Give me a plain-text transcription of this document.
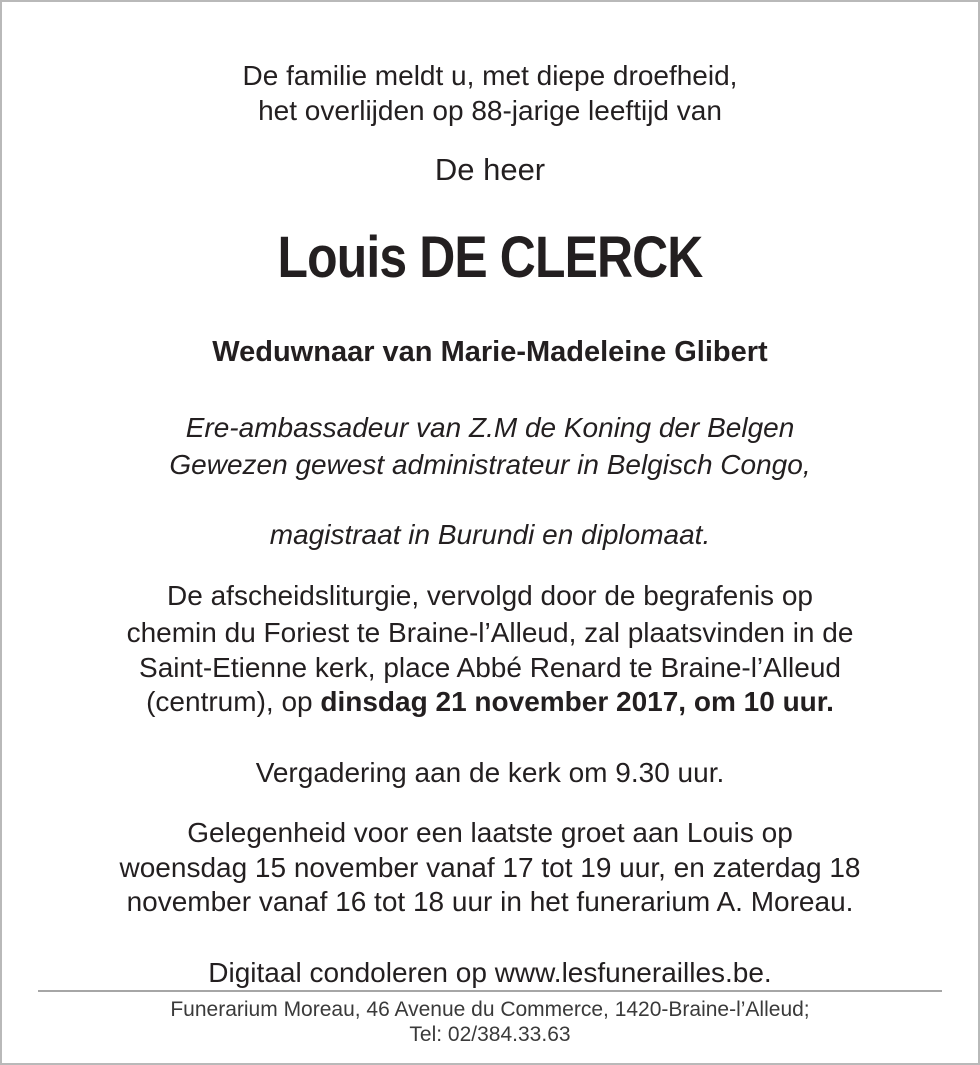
De familie meldt u, met diepe droefheid,
het overlijden op 88-jarige leeftijd van
De heer
Louis DE CLERCK
Weduwnaar van Marie-Madeleine Glibert
Ere-ambassadeur van Z.M de Koning der Belgen
Gewezen gewest administrateur in Belgisch Congo,
magistraat in Burundi en diplomaat.
De afscheidsliturgie, vervolgd door de begrafenis op
chemin du Foriest te Braine-l’Alleud, zal plaatsvinden in de
Saint-Etienne kerk, place Abbé Renard te Braine-l’Alleud
(centrum), op dinsdag 21 november 2017, om 10 uur.
Vergadering aan de kerk om 9.30 uur.
Gelegenheid voor een laatste groet aan Louis op
woensdag 15 november vanaf 17 tot 19 uur, en zaterdag 18
november vanaf 16 tot 18 uur in het funerarium A. Moreau.
Digitaal condoleren op www.lesfunerailles.be.
Funerarium Moreau, 46 Avenue du Commerce, 1420-Braine-l’Alleud;
Tel: 02/384.33.63
